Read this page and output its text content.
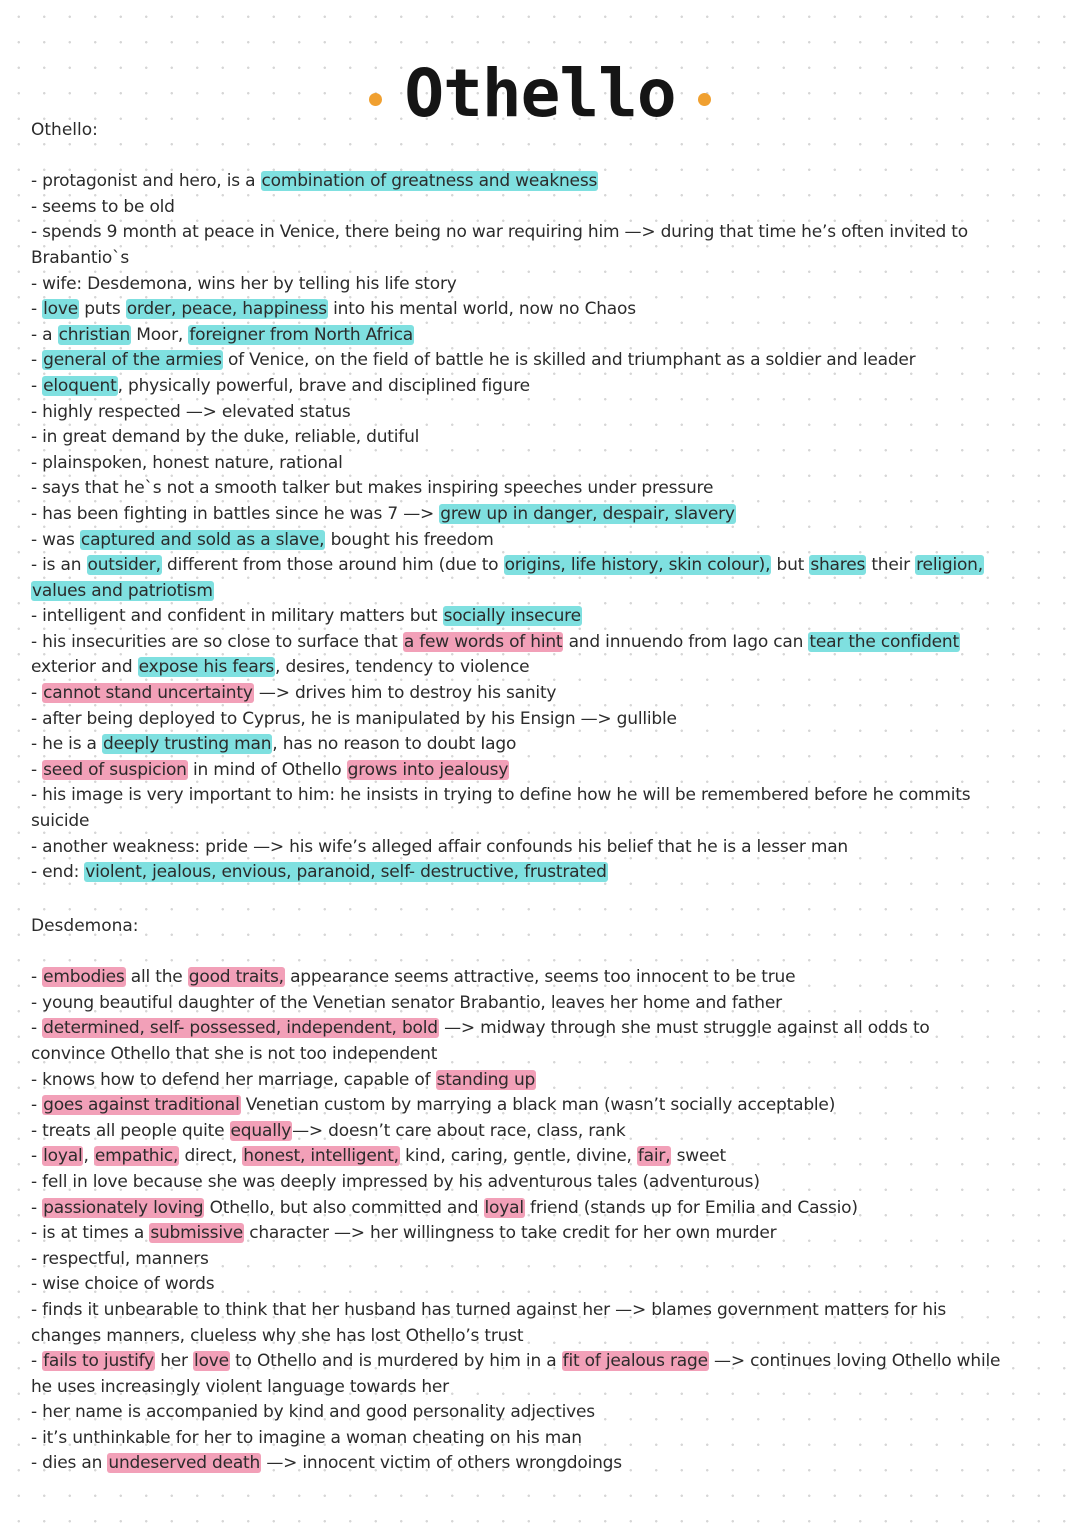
Othello
Othello:
- protagonist and hero, is a combination of greatness and weakness
- seems to be old
- spends 9 month at peace in Venice, there being no war requiring him —> during that time he’s often invited to
Brabantio`s
- wife: Desdemona, wins her by telling his life story
- love puts order, peace, happiness into his mental world, now no Chaos
- a christian Moor, foreigner from North Africa
- general of the armies of Venice, on the field of battle he is skilled and triumphant as a soldier and leader
- eloquent, physically powerful, brave and disciplined figure
- highly respected —> elevated status
- in great demand by the duke, reliable, dutiful
- plainspoken, honest nature, rational
- says that he`s not a smooth talker but makes inspiring speeches under pressure
- has been fighting in battles since he was 7 —> grew up in danger, despair, slavery
- was captured and sold as a slave, bought his freedom
- is an outsider, different from those around him (due to origins, life history, skin colour), but shares their religion,
values and patriotism
- intelligent and confident in military matters but socially insecure
- his insecurities are so close to surface that a few words of hint and innuendo from Iago can tear the confident
exterior and expose his fears, desires, tendency to violence
- cannot stand uncertainty —> drives him to destroy his sanity
- after being deployed to Cyprus, he is manipulated by his Ensign —> gullible
- he is a deeply trusting man, has no reason to doubt Iago
- seed of suspicion in mind of Othello grows into jealousy
- his image is very important to him: he insists in trying to define how he will be remembered before he commits
suicide
- another weakness: pride —> his wife’s alleged affair confounds his belief that he is a lesser man
- end: violent, jealous, envious, paranoid, self- destructive, frustrated
Desdemona:
- embodies all the good traits, appearance seems attractive, seems too innocent to be true
- young beautiful daughter of the Venetian senator Brabantio, leaves her home and father
- determined, self- possessed, independent, bold —> midway through she must struggle against all odds to
convince Othello that she is not too independent
- knows how to defend her marriage, capable of standing up
- goes against traditional Venetian custom by marrying a black man (wasn’t socially acceptable)
- treats all people quite equally—> doesn’t care about race, class, rank
- loyal, empathic, direct, honest, intelligent, kind, caring, gentle, divine, fair, sweet
- fell in love because she was deeply impressed by his adventurous tales (adventurous)
- passionately loving Othello, but also committed and loyal friend (stands up for Emilia and Cassio)
- is at times a submissive character —> her willingness to take credit for her own murder
- respectful, manners
- wise choice of words
- finds it unbearable to think that her husband has turned against her —> blames government matters for his
changes manners, clueless why she has lost Othello’s trust
- fails to justify her love to Othello and is murdered by him in a fit of jealous rage —> continues loving Othello while
he uses increasingly violent language towards her
- her name is accompanied by kind and good personality adjectives
- it’s unthinkable for her to imagine a woman cheating on his man
- dies an undeserved death —> innocent victim of others wrongdoings
